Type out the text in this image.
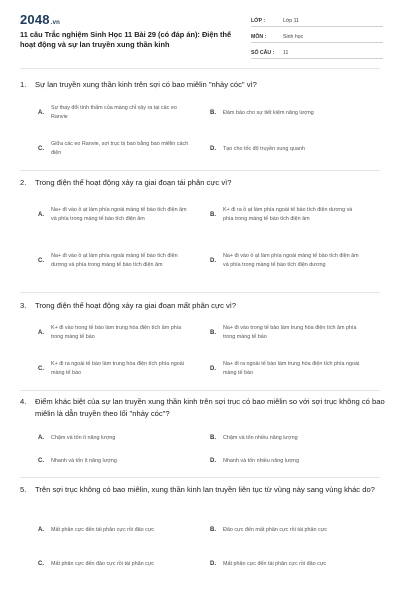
2048.vn
11 câu Trắc nghiệm Sinh Học 11 Bài 29 (có đáp án): Điện thế hoạt động và sự lan truyền xung thần kinh
LỚP :	Lớp 11
MÔN :	Sinh học
SỐ CÂU :	11
1.	Sự lan truyền xung thần kinh trên sợi có bao miêlin "nhảy cóc" vì?
A.
Sự thay đổi tính thấm của màng chỉ xảy ra tại các eo Ranvie
B.	Đảm bảo cho sự tiết kiệm năng lượng
C.
Giữa các eo Ranvie, sợi trục bị bao bằng bao miêlin cách điện
D.	Tạo cho tốc độ truyền xung quanh
2.	Trong điện thế hoạt động xảy ra giai đoạn tái phân cực vì?
A.
Na+ đi vào ồ ạt làm phía ngoài màng tế bào tích điện âm và phía trong màng tế bào tích điện âm
B.
K+ đi ra ồ ạt làm phía ngoài tế bào tích điện dương và phía trong màng tế bào tích điện âm
C.
Na+ đi vào ồ ạt làm phía ngoài màng tế bào tích điện dương và phía trong màng tế bào tích điện âm
D.
Na+ đi vào ồ ạt làm phía ngoài màng tế bào tích điện âm và phía trong màng tế bào tích điện dương
3.	Trong điện thế hoạt động xảy ra giai đoạn mất phân cực vì?
A.
K+ đi vào trong tế bào làm trung hòa điện tích âm phía trong màng tế bào
B.
Na+ đi vào trong tế bào làm trung hòa điện tích âm phía trong màng tế bào
C.
K+ đi ra ngoài tế bào làm trung hòa điện tích phía ngoài màng tế bào
D.
Na+ đi ra ngoài tế bào làm trung hòa điện tích phía ngoài màng tế bào
4.	Điểm khác biệt của sự lan truyền xung thần kinh trên sợi trục có bao miêlin so với sợi trục không có bao miêlin là dẫn truyền theo lối "nhảy cóc"?
A.	Chậm và tốn ít năng lượng	B.	Chậm và tốn nhiều năng lượng
C.	Nhanh và tốn ít năng lượng	D.	Nhanh và tốn nhiều năng lượng
5.	Trên sợi trục không có bao miêlin, xung thần kinh lan truyền liên tục từ vùng này sang vùng khác do?
A.	Mất phân cực đến tái phân cực rồi đảo cực	B.	Đảo cực đến mất phân cực rồi tái phân cực
C.	Mất phân cực đến đảo cực rồi tái phân cực	D.	Mất phân cực đến tái phân cực rồi đảo cực
